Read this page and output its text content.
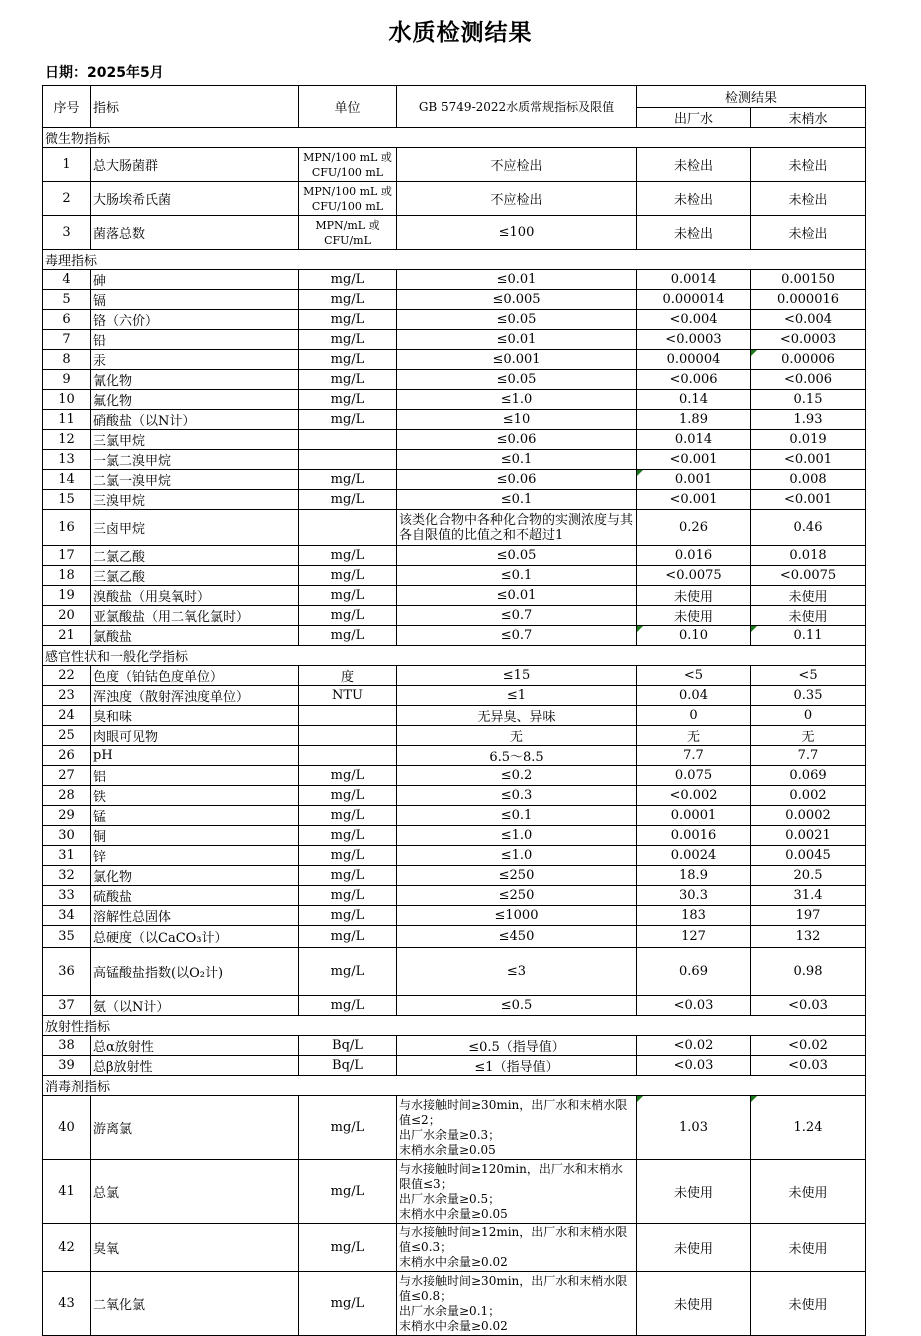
水质检测结果
日期：2025年5月
序号	指标	单位	GB 5749-2022水质常规指标及限值	检测结果	
				出厂水	末梢水
微生物指标					
1	总大肠菌群	MPN/100 mL 或 CFU/100 mL	不应检出	未检出	未检出
2	大肠埃希氏菌	MPN/100 mL 或 CFU/100 mL	不应检出	未检出	未检出
3	菌落总数	MPN/mL 或 CFU/mL	≤100	未检出	未检出
毒理指标					
4	砷	mg/L	≤0.01	0.0014	0.00150
5	镉	mg/L	≤0.005	0.000014	0.000016
6	铬（六价）	mg/L	≤0.05	<0.004	<0.004
7	铅	mg/L	≤0.01	<0.0003	<0.0003
8	汞	mg/L	≤0.001	0.00004	0.00006
9	氰化物	mg/L	≤0.05	<0.006	<0.006
10	氟化物	mg/L	≤1.0	0.14	0.15
11	硝酸盐（以N计）	mg/L	≤10	1.89	1.93
12	三氯甲烷		≤0.06	0.014	0.019
13	一氯二溴甲烷		≤0.1	<0.001	<0.001
14	二氯一溴甲烷	mg/L	≤0.06	0.001	0.008
15	三溴甲烷	mg/L	≤0.1	<0.001	<0.001
16	三卤甲烷		该类化合物中各种化合物的实测浓度与其各自限值的比值之和不超过1	0.26	0.46
17	二氯乙酸	mg/L	≤0.05	0.016	0.018
18	三氯乙酸	mg/L	≤0.1	<0.0075	<0.0075
19	溴酸盐（用臭氧时）	mg/L	≤0.01	未使用	未使用
20	亚氯酸盐（用二氧化氯时）	mg/L	≤0.7	未使用	未使用
21	氯酸盐	mg/L	≤0.7	0.10	0.11
感官性状和一般化学指标					
22	色度（铂钴色度单位）	度	≤15	<5	<5
23	浑浊度（散射浑浊度单位）	NTU	≤1	0.04	0.35
24	臭和味		无异臭、异味	0	0
25	肉眼可见物		无	无	无
26	pH		6.5～8.5	7.7	7.7
27	铝	mg/L	≤0.2	0.075	0.069
28	铁	mg/L	≤0.3	<0.002	0.002
29	锰	mg/L	≤0.1	0.0001	0.0002
30	铜	mg/L	≤1.0	0.0016	0.0021
31	锌	mg/L	≤1.0	0.0024	0.0045
32	氯化物	mg/L	≤250	18.9	20.5
33	硫酸盐	mg/L	≤250	30.3	31.4
34	溶解性总固体	mg/L	≤1000	183	197
35	总硬度（以CaCO₃计）	mg/L	≤450	127	132
36	高锰酸盐指数(以O₂计)	mg/L	≤3	0.69	0.98
37	氨（以N计）	mg/L	≤0.5	<0.03	<0.03
放射性指标					
38	总α放射性	Bq/L	≤0.5（指导值）	<0.02	<0.02
39	总β放射性	Bq/L	≤1（指导值）	<0.03	<0.03
消毒剂指标					
40	游离氯	mg/L	与水接触时间≥30min，出厂水和末梢水限值≤2；
出厂水余量≥0.3；
末梢水余量≥0.05	1.03	1.24
41	总氯	mg/L	与水接触时间≥120min，出厂水和末梢水限值≤3；
出厂水余量≥0.5；
末梢水中余量≥0.05	未使用	未使用
42	臭氧	mg/L	与水接触时间≥12min，出厂水和末梢水限值≤0.3；
末梢水中余量≥0.02	未使用	未使用
43	二氧化氯	mg/L	与水接触时间≥30min，出厂水和末梢水限值≤0.8；
出厂水余量≥0.1；
末梢水中余量≥0.02	未使用	未使用
